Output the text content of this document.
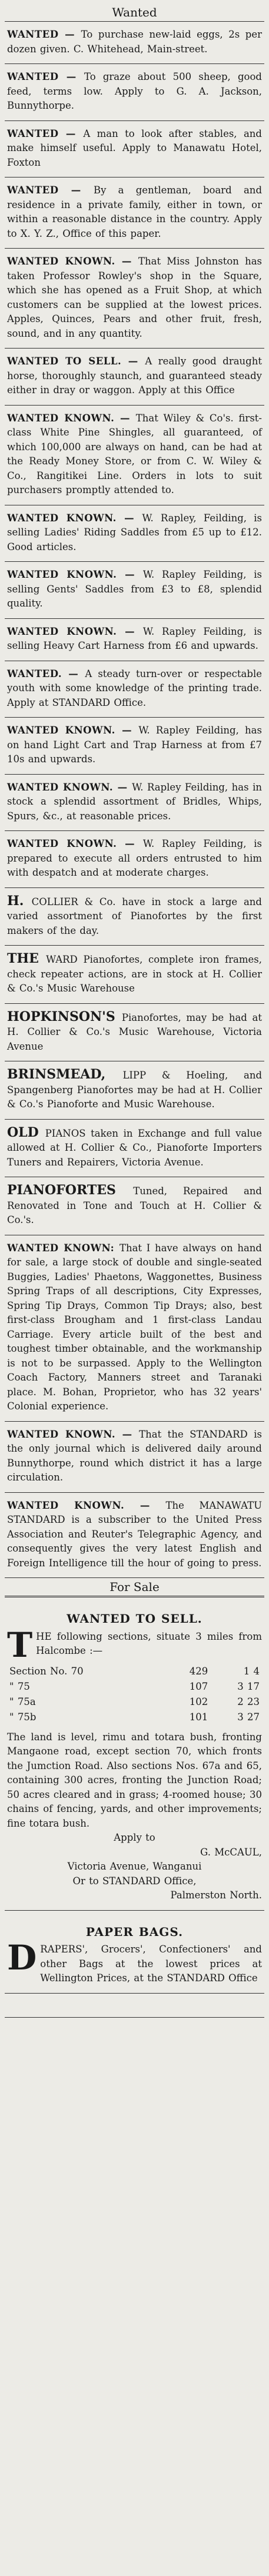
Wanted
WANTED — To purchase new-laid eggs, 2s per dozen given. C. Whitehead, Main-street.
WANTED — To graze about 500 sheep, good feed, terms low. Apply to G. A. Jackson, Bunnythorpe.
WANTED — A man to look after stables, and make himself useful. Apply to Manawatu Hotel, Foxton
WANTED — By a gentleman, board and residence in a private family, either in town, or within a reasonable distance in the country. Apply to X. Y. Z., Office of this paper.
WANTED KNOWN. — That Miss Johnston has taken Professor Rowley's shop in the Square, which she has opened as a Fruit Shop, at which customers can be supplied at the lowest prices. Apples, Quinces, Pears and other fruit, fresh, sound, and in any quantity.
WANTED TO SELL. — A really good draught horse, thoroughly staunch, and guaranteed steady either in dray or waggon. Apply at this Office
WANTED KNOWN. — That Wiley & Co's. first-class White Pine Shingles, all guaranteed, of which 100,000 are always on hand, can be had at the Ready Money Store, or from C. W. Wiley & Co., Rangitikei Line. Orders in lots to suit purchasers promptly attended to.
WANTED KNOWN. — W. Rapley, Feilding, is selling Ladies' Riding Saddles from £5 up to £12. Good articles.
WANTED KNOWN. — W. Rapley Feilding, is selling Gents' Saddles from £3 to £8, splendid quality.
WANTED KNOWN. — W. Rapley Feilding, is selling Heavy Cart Harness from £6 and upwards.
WANTED. — A steady turn-over or respectable youth with some knowledge of the printing trade. Apply at STANDARD Office.
WANTED KNOWN. — W. Rapley Feilding, has on hand Light Cart and Trap Harness at from £7 10s and upwards.
WANTED KNOWN. — W. Rapley Feilding, has in stock a splendid assortment of Bridles, Whips, Spurs, &c., at reasonable prices.
WANTED KNOWN. — W. Rapley Feilding, is prepared to execute all orders entrusted to him with despatch and at moderate charges.
H. COLLIER & Co. have in stock a large and varied assortment of Pianofortes by the first makers of the day.
THE WARD Pianofortes, complete iron frames, check repeater actions, are in stock at H. Collier & Co.'s Music Warehouse
HOPKINSON'S Pianofortes, may be had at H. Collier & Co.'s Music Warehouse, Victoria Avenue
BRINSMEAD, LIPP & Hoeling, and Spangenberg Pianofortes may be had at H. Collier & Co.'s Pianoforte and Music Warehouse.
OLD PIANOS taken in Exchange and full value allowed at H. Collier & Co., Pianoforte Importers Tuners and Repairers, Victoria Avenue.
PIANOFORTES Tuned, Repaired and Renovated in Tone and Touch at H. Collier & Co.'s.
WANTED KNOWN: That I have always on hand for sale, a large stock of double and single-seated Buggies, Ladies' Phaetons, Waggonettes, Business Spring Traps of all descriptions, City Expresses, Spring Tip Drays, Common Tip Drays; also, best first-class Brougham and 1 first-class Landau Carriage. Every article built of the best and toughest timber obtainable, and the workmanship is not to be surpassed. Apply to the Wellington Coach Factory, Manners street and Taranaki place. M. Bohan, Proprietor, who has 32 years' Colonial experience.
WANTED KNOWN. — That the STANDARD is the only journal which is delivered daily around Bunnythorpe, round which district it has a large circulation.
WANTED KNOWN. — The MANAWATU STANDARD is a subscriber to the United Press Association and Reuter's Telegraphic Agency, and consequently gives the very latest English and Foreign Intelligence till the hour of going to press.
For Sale
WANTED TO SELL.
T HE following sections, situate 3 miles from Halcombe :—
Section No. 70	429	1 4
" 75	107	3 17
" 75a	102	2 23
" 75b	101	3 27
The land is level, rimu and totara bush, fronting Mangaone road, except section 70, which fronts the Jumction Road. Also sections Nos. 67a and 65, containing 300 acres, fronting the Junction Road; 50 acres cleared and in grass; 4-roomed house; 30 chains of fencing, yards, and other improvements; fine totara bush.
Apply to
G. McCAUL,
Victoria Avenue, Wanganui
Or to STANDARD Office,
Palmerston North.
PAPER BAGS.
D RAPERS', Grocers', Confectioners' and other Bags at the lowest prices at Wellington Prices, at the STANDARD Office
